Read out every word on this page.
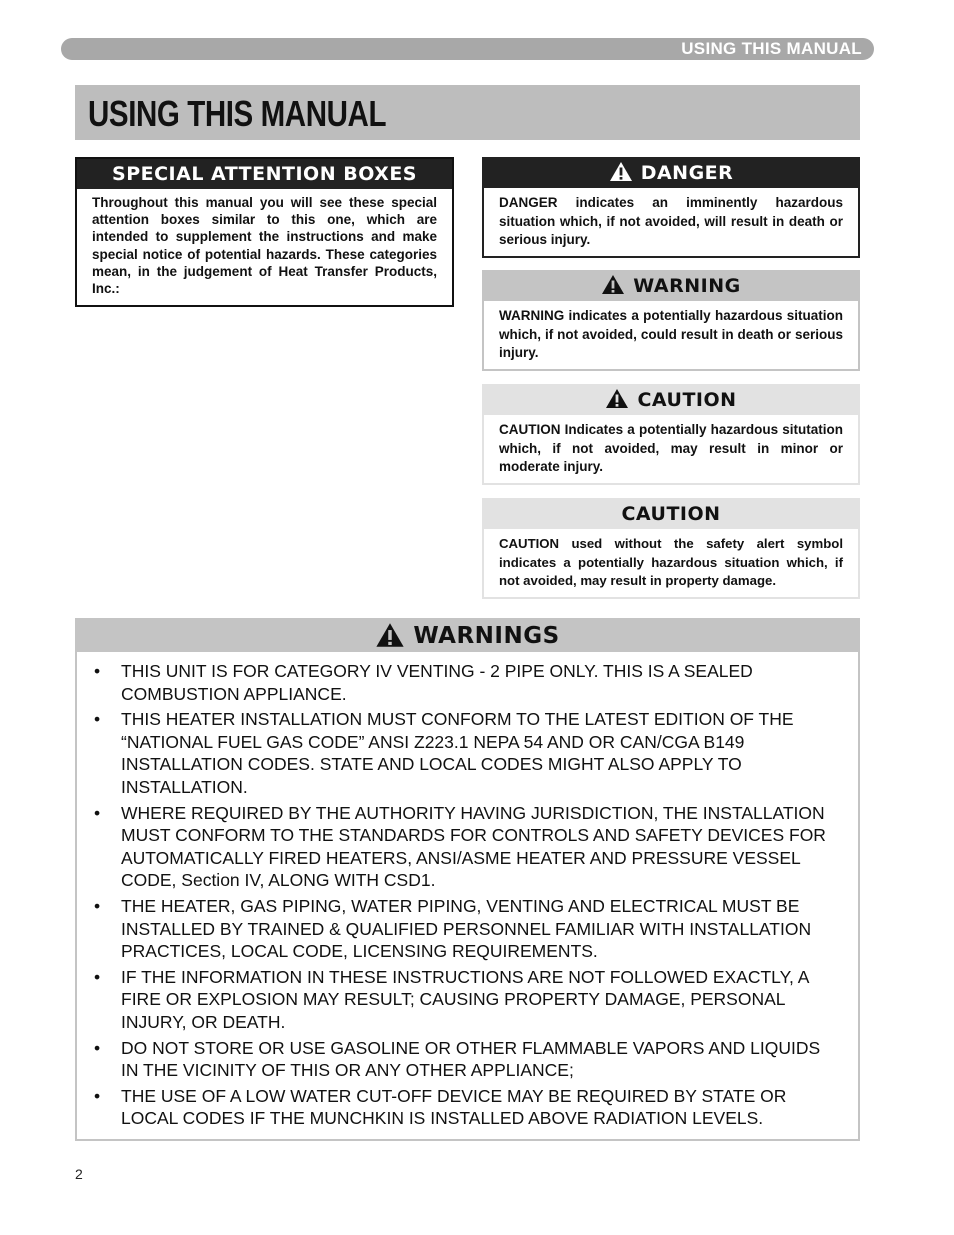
USING THIS MANUAL
USING THIS MANUAL
SPECIAL ATTENTION BOXES
Throughout this manual you will see these special attention boxes similar to this one, which are intended to supplement the instructions and make special notice of potential hazards. These categories mean, in the judgement of Heat Transfer Products, Inc.:
DANGER
DANGER indicates an imminently hazardous situation which, if not avoided, will result in death or serious injury.
WARNING
WARNING indicates a potentially hazardous situation which, if not avoided, could result in death or serious injury.
CAUTION
CAUTION Indicates a potentially hazardous situtation which, if not avoided, may result in minor or moderate injury.
CAUTION
CAUTION used without the safety alert symbol indicates a potentially hazardous situation which, if not avoided, may result in property damage.
WARNINGS
• THIS UNIT IS FOR CATEGORY IV VENTING - 2 PIPE ONLY. THIS IS A SEALED COMBUSTION APPLIANCE.
• THIS HEATER INSTALLATION MUST CONFORM TO THE LATEST EDITION OF THE “NATIONAL FUEL GAS CODE” ANSI Z223.1 NEPA 54 AND OR CAN/CGA B149 INSTALLATION CODES. STATE AND LOCAL CODES MIGHT ALSO APPLY TO INSTALLATION.
• WHERE REQUIRED BY THE AUTHORITY HAVING JURISDICTION, THE INSTALLATION MUST CONFORM TO THE STANDARDS FOR CONTROLS AND SAFETY DEVICES FOR AUTOMATICALLY FIRED HEATERS, ANSI/ASME HEATER AND PRESSURE VESSEL CODE, Section IV, ALONG WITH CSD1.
• THE HEATER, GAS PIPING, WATER PIPING, VENTING AND ELECTRICAL MUST BE INSTALLED BY TRAINED & QUALIFIED PERSONNEL FAMILIAR WITH INSTALLATION PRACTICES, LOCAL CODE, LICENSING REQUIREMENTS.
• IF THE INFORMATION IN THESE INSTRUCTIONS ARE NOT FOLLOWED EXACTLY, A FIRE OR EXPLOSION MAY RESULT; CAUSING PROPERTY DAMAGE, PERSONAL INJURY, OR DEATH.
• DO NOT STORE OR USE GASOLINE OR OTHER FLAMMABLE VAPORS AND LIQUIDS IN THE VICINITY OF THIS OR ANY OTHER APPLIANCE;
• THE USE OF A LOW WATER CUT-OFF DEVICE MAY BE REQUIRED BY STATE OR LOCAL CODES IF THE MUNCHKIN IS INSTALLED ABOVE RADIATION LEVELS.
2
